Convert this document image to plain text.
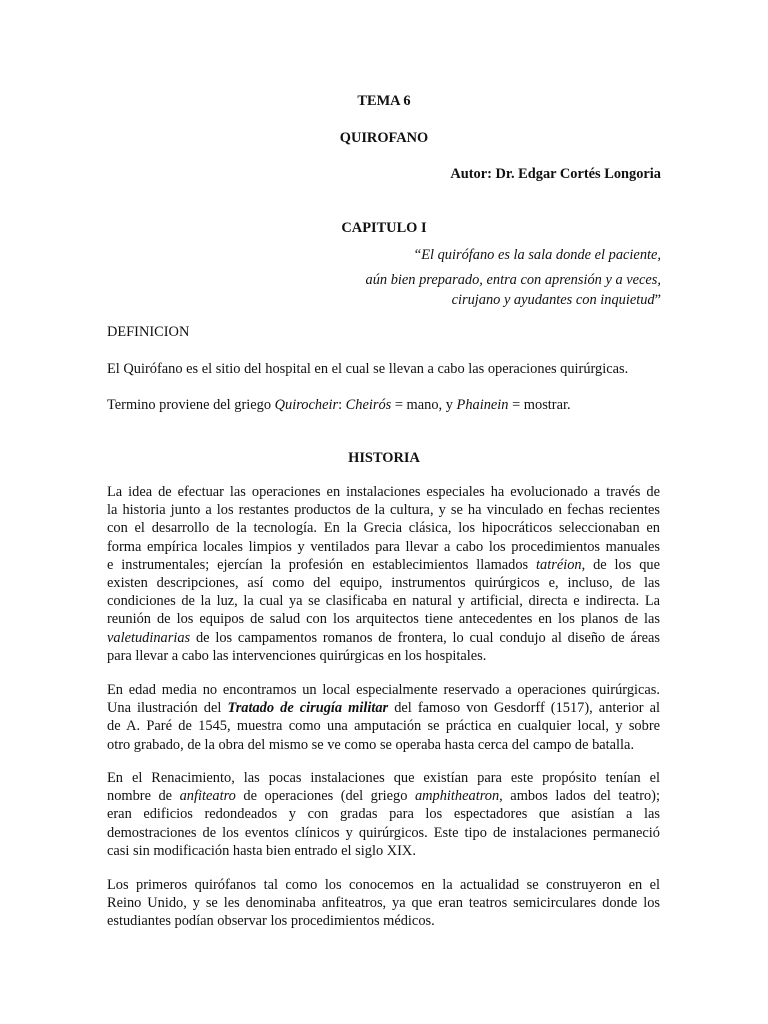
TEMA 6
QUIROFANO
Autor: Dr. Edgar Cortés Longoria
CAPITULO I
“El quirófano es la sala donde el paciente,
aún bien preparado, entra con aprensión y a veces,
cirujano y ayudantes con inquietud”
DEFINICION
El Quirófano es el sitio del hospital en el cual se llevan a cabo las operaciones quirúrgicas.
Termino proviene del griego Quirocheir: Cheirós = mano, y Phainein = mostrar.
HISTORIA
La idea de efectuar las operaciones en instalaciones especiales ha evolucionado a través de
la historia junto a los restantes productos de la cultura, y se ha vinculado en fechas recientes
con el desarrollo de la tecnología. En la Grecia clásica, los hipocráticos seleccionaban en
forma empírica locales limpios y ventilados para llevar a cabo los procedimientos manuales
e instrumentales; ejercían la profesión en establecimientos llamados tatréion, de los que
existen descripciones, así como del equipo, instrumentos quirúrgicos e, incluso, de las
condiciones de la luz, la cual ya se clasificaba en natural y artificial, directa e indirecta. La
reunión de los equipos de salud con los arquitectos tiene antecedentes en los planos de las
valetudinarias de los campamentos romanos de frontera, lo cual condujo al diseño de áreas
para llevar a cabo las intervenciones quirúrgicas en los hospitales.
En edad media no encontramos un local especialmente reservado a operaciones quirúrgicas.
Una ilustración del Tratado de cirugía militar del famoso von Gesdorff (1517), anterior al
de A. Paré de 1545, muestra como una amputación se práctica en cualquier local, y sobre
otro grabado, de la obra del mismo se ve como se operaba hasta cerca del campo de batalla.
En el Renacimiento, las pocas instalaciones que existían para este propósito tenían el
nombre de anfiteatro de operaciones (del griego amphitheatron, ambos lados del teatro);
eran edificios redondeados y con gradas para los espectadores que asistían a las
demostraciones de los eventos clínicos y quirúrgicos. Este tipo de instalaciones permaneció
casi sin modificación hasta bien entrado el siglo XIX.
Los primeros quirófanos tal como los conocemos en la actualidad se construyeron en el
Reino Unido, y se les denominaba anfiteatros, ya que eran teatros semicirculares donde los
estudiantes podían observar los procedimientos médicos.
